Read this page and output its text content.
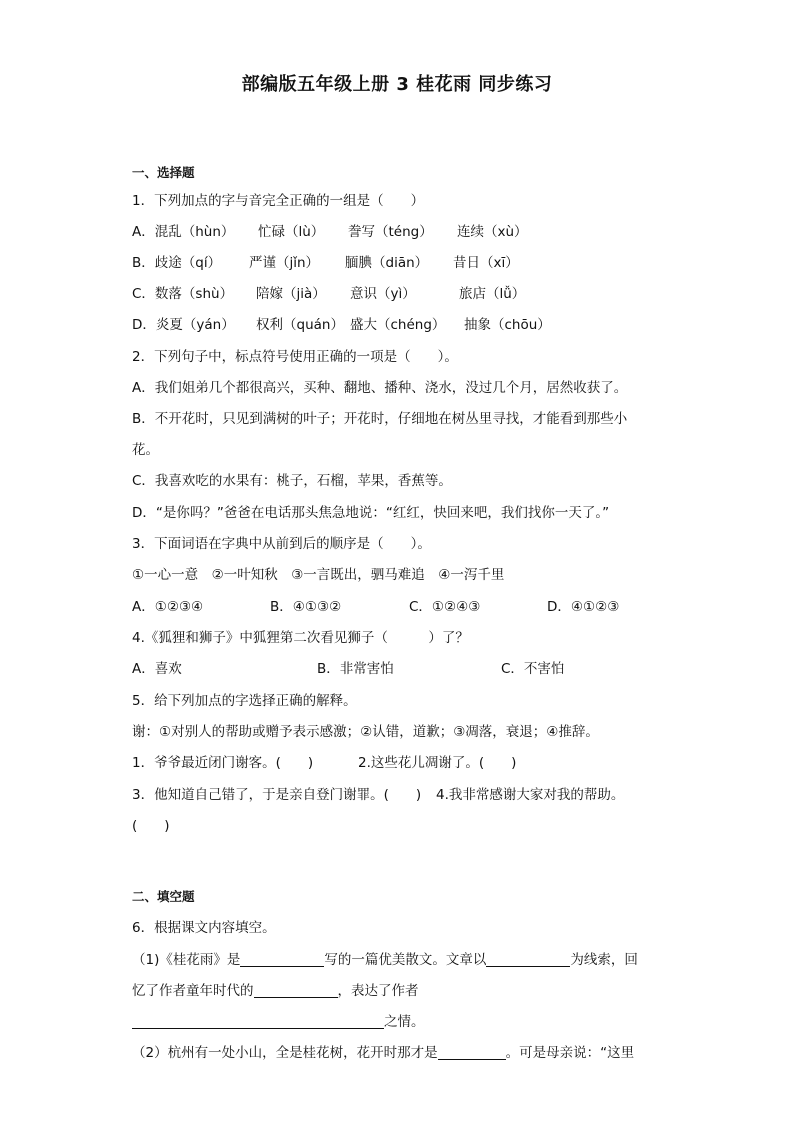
部编版五年级上册 3 桂花雨 同步练习
一、选择题
1．下列加点的字与音完全正确的一组是（　　）
A．混乱（hùn） 忙碌（lù） 誊写（téng） 连续（xù）
B．歧途（qí） 严谨（jǐn） 腼腆（diān） 昔日（xī）
C．数落（shù） 陪嫁（jià） 意识（yì）	旅店（lǚ）
D．炎夏（yán） 权利（quán） 盛大（chéng） 抽象（chōu）
2．下列句子中，标点符号使用正确的一项是（　　）。
A．我们姐弟几个都很高兴，买种、翻地、播种、浇水，没过几个月，居然收获了。
B．不开花时，只见到满树的叶子；开花时，仔细地在树丛里寻找，才能看到那些小
花。
C．我喜欢吃的水果有：桃子，石榴，苹果，香蕉等。
D．“是你吗？”爸爸在电话那头焦急地说：“红红，快回来吧，我们找你一天了。”
3．下面词语在字典中从前到后的顺序是（　　）。
①一心一意　②一叶知秋　③一言既出，驷马难追　④一泻千里
A．①②③④	B．④①③②	C．①②④③	D．④①②③
4.《狐狸和狮子》中狐狸第二次看见狮子（　　　）了？
A．喜欢	B．非常害怕	C．不害怕
5．给下列加点的字选择正确的解释。
谢：①对别人的帮助或赠予表示感激；②认错，道歉；③凋落，衰退；④推辞。
1．爷爷最近闭门谢客。(　　)	2.这些花儿凋谢了。(　　)
3．他知道自己错了，于是亲自登门谢罪。(　　) 4.我非常感谢大家对我的帮助。
(　　)
二、填空题
6．根据课文内容填空。
（1)《桂花雨》是	写的一篇优美散文。文章以	为线索，回
忆了作者童年时代的	，表达了作者
之情。
（2）杭州有一处小山，全是桂花树，花开时那才是	。可是母亲说：“这里
